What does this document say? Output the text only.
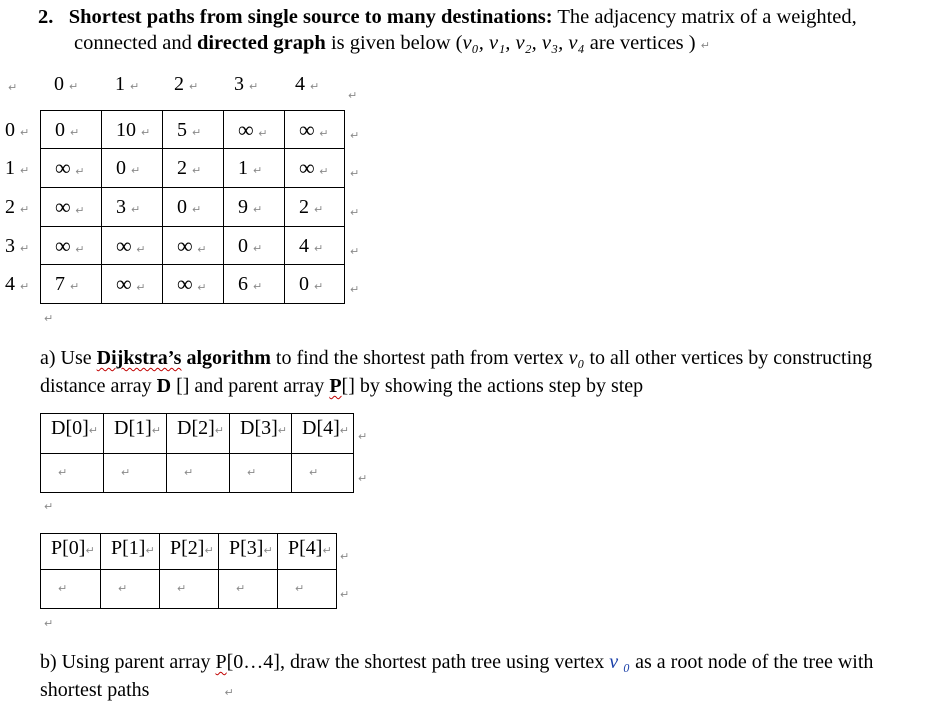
2. Shortest paths from single source to many destinations: The adjacency matrix of a weighted,
connected and directed graph is given below (v₀, v₁, v₂, v₃, v₄ are vertices ) ↵
0 ↵ 1 ↵ 2 ↵ 3 ↵ 4 ↵
↵
↵
0 ↵ 0 ↵ 10 ↵ 5 ↵ ∞ ↵ ∞ ↵ ↵
1 ↵ ∞ ↵ 0 ↵ 2 ↵ 1 ↵ ∞ ↵ ↵
2 ↵ ∞ ↵ 3 ↵ 0 ↵ 9 ↵ 2 ↵ ↵
3 ↵ ∞ ↵ ∞ ↵ ∞ ↵ 0 ↵ 4 ↵ ↵
4 ↵ 7 ↵ ∞ ↵ ∞ ↵ 6 ↵ 0 ↵ ↵
a) Use Dijkstra’s algorithm to find the shortest path from vertex v₀ to all other vertices by constructing
distance array D [] and parent array P[] by showing the actions step by step
D[0]↵
↵
D[1]↵
↵
D[2]↵
↵
D[3]↵
↵
D[4]↵
↵
↵
↵
P[0]↵
↵
P[1]↵
↵
P[2]↵
↵
P[3]↵
↵
P[4]↵
↵
↵
↵
↵
↵
↵
b) Using parent array P[0…4], draw the shortest path tree using vertex v ₀ as a root node of the tree with
shortest paths	↵
